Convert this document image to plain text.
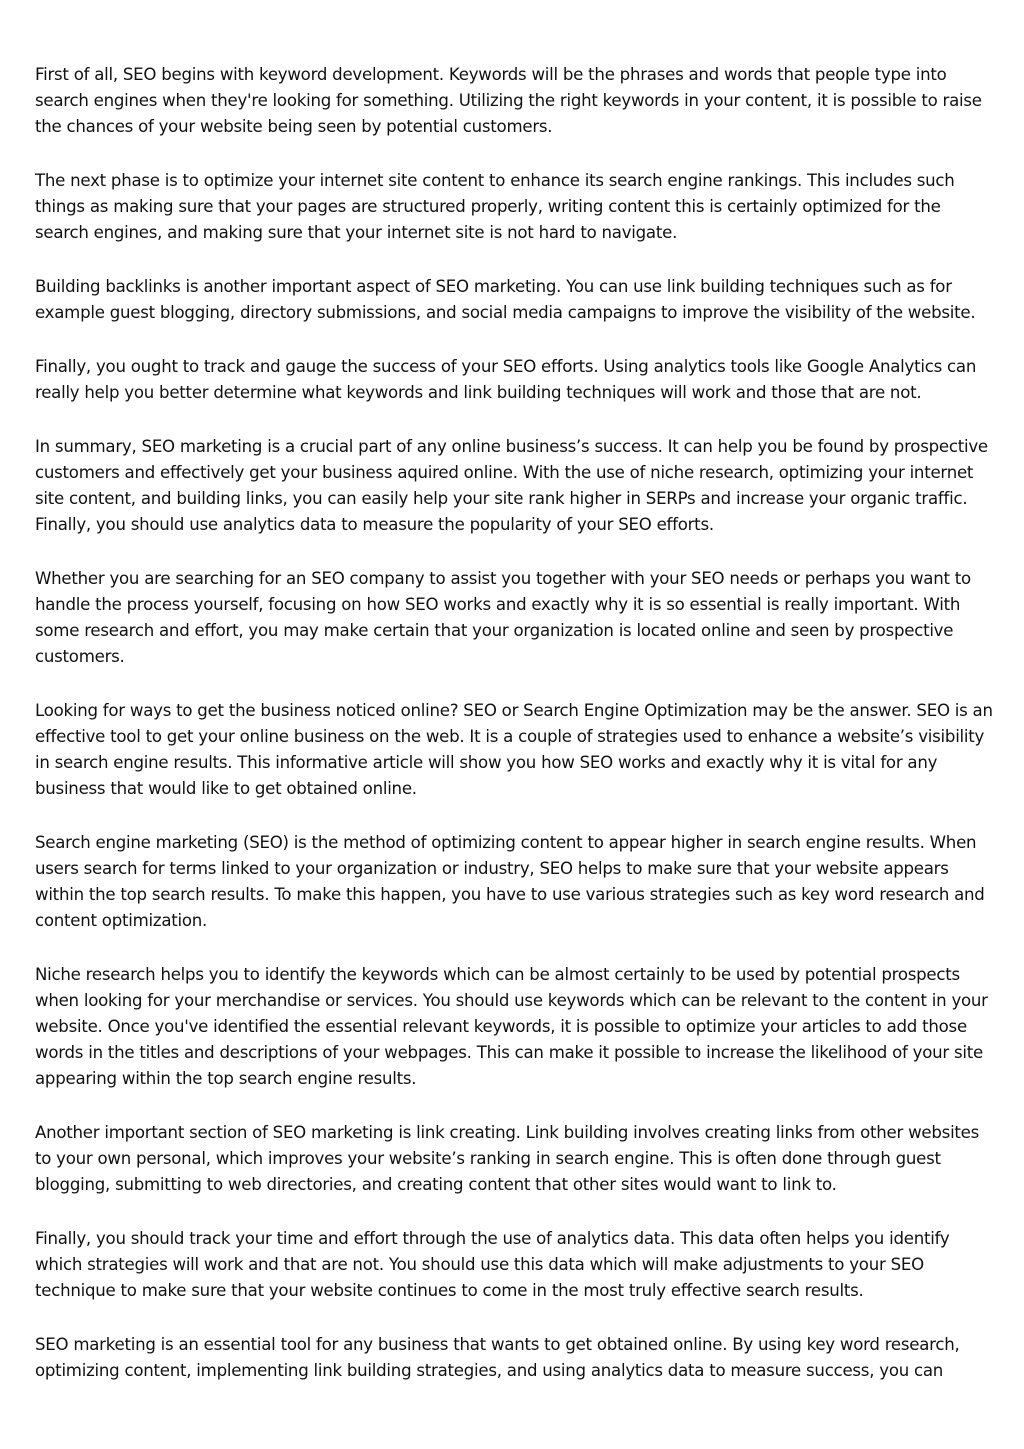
First of all, SEO begins with keyword development. Keywords will be the phrases and words that people type into search engines when they're looking for something. Utilizing the right keywords in your content, it is possible to raise the chances of your website being seen by potential customers.

The next phase is to optimize your internet site content to enhance its search engine rankings. This includes such things as making sure that your pages are structured properly, writing content this is certainly optimized for the search engines, and making sure that your internet site is not hard to navigate.

Building backlinks is another important aspect of SEO marketing. You can use link building techniques such as for example guest blogging, directory submissions, and social media campaigns to improve the visibility of the website.

Finally, you ought to track and gauge the success of your SEO efforts. Using analytics tools like Google Analytics can really help you better determine what keywords and link building techniques will work and those that are not.

In summary, SEO marketing is a crucial part of any online business’s success. It can help you be found by prospective customers and effectively get your business aquired online. With the use of niche research, optimizing your internet site content, and building links, you can easily help your site rank higher in SERPs and increase your organic traffic. Finally, you should use analytics data to measure the popularity of your SEO efforts.

Whether you are searching for an SEO company to assist you together with your SEO needs or perhaps you want to handle the process yourself, focusing on how SEO works and exactly why it is so essential is really important. With some research and effort, you may make certain that your organization is located online and seen by prospective customers.

Looking for ways to get the business noticed online? SEO or Search Engine Optimization may be the answer. SEO is an effective tool to get your online business on the web. It is a couple of strategies used to enhance a website’s visibility in search engine results. This informative article will show you how SEO works and exactly why it is vital for any business that would like to get obtained online.

Search engine marketing (SEO) is the method of optimizing content to appear higher in search engine results. When users search for terms linked to your organization or industry, SEO helps to make sure that your website appears within the top search results. To make this happen, you have to use various strategies such as key word research and content optimization.

Niche research helps you to identify the keywords which can be almost certainly to be used by potential prospects when looking for your merchandise or services. You should use keywords which can be relevant to the content in your website. Once you've identified the essential relevant keywords, it is possible to optimize your articles to add those words in the titles and descriptions of your webpages. This can make it possible to increase the likelihood of your site appearing within the top search engine results.

Another important section of SEO marketing is link creating. Link building involves creating links from other websites to your own personal, which improves your website’s ranking in search engine. This is often done through guest blogging, submitting to web directories, and creating content that other sites would want to link to.

Finally, you should track your time and effort through the use of analytics data. This data often helps you identify which strategies will work and that are not. You should use this data which will make adjustments to your SEO technique to make sure that your website continues to come in the most truly effective search results.

SEO marketing is an essential tool for any business that wants to get obtained online. By using key word research, optimizing content, implementing link building strategies, and using analytics data to measure success, you can
